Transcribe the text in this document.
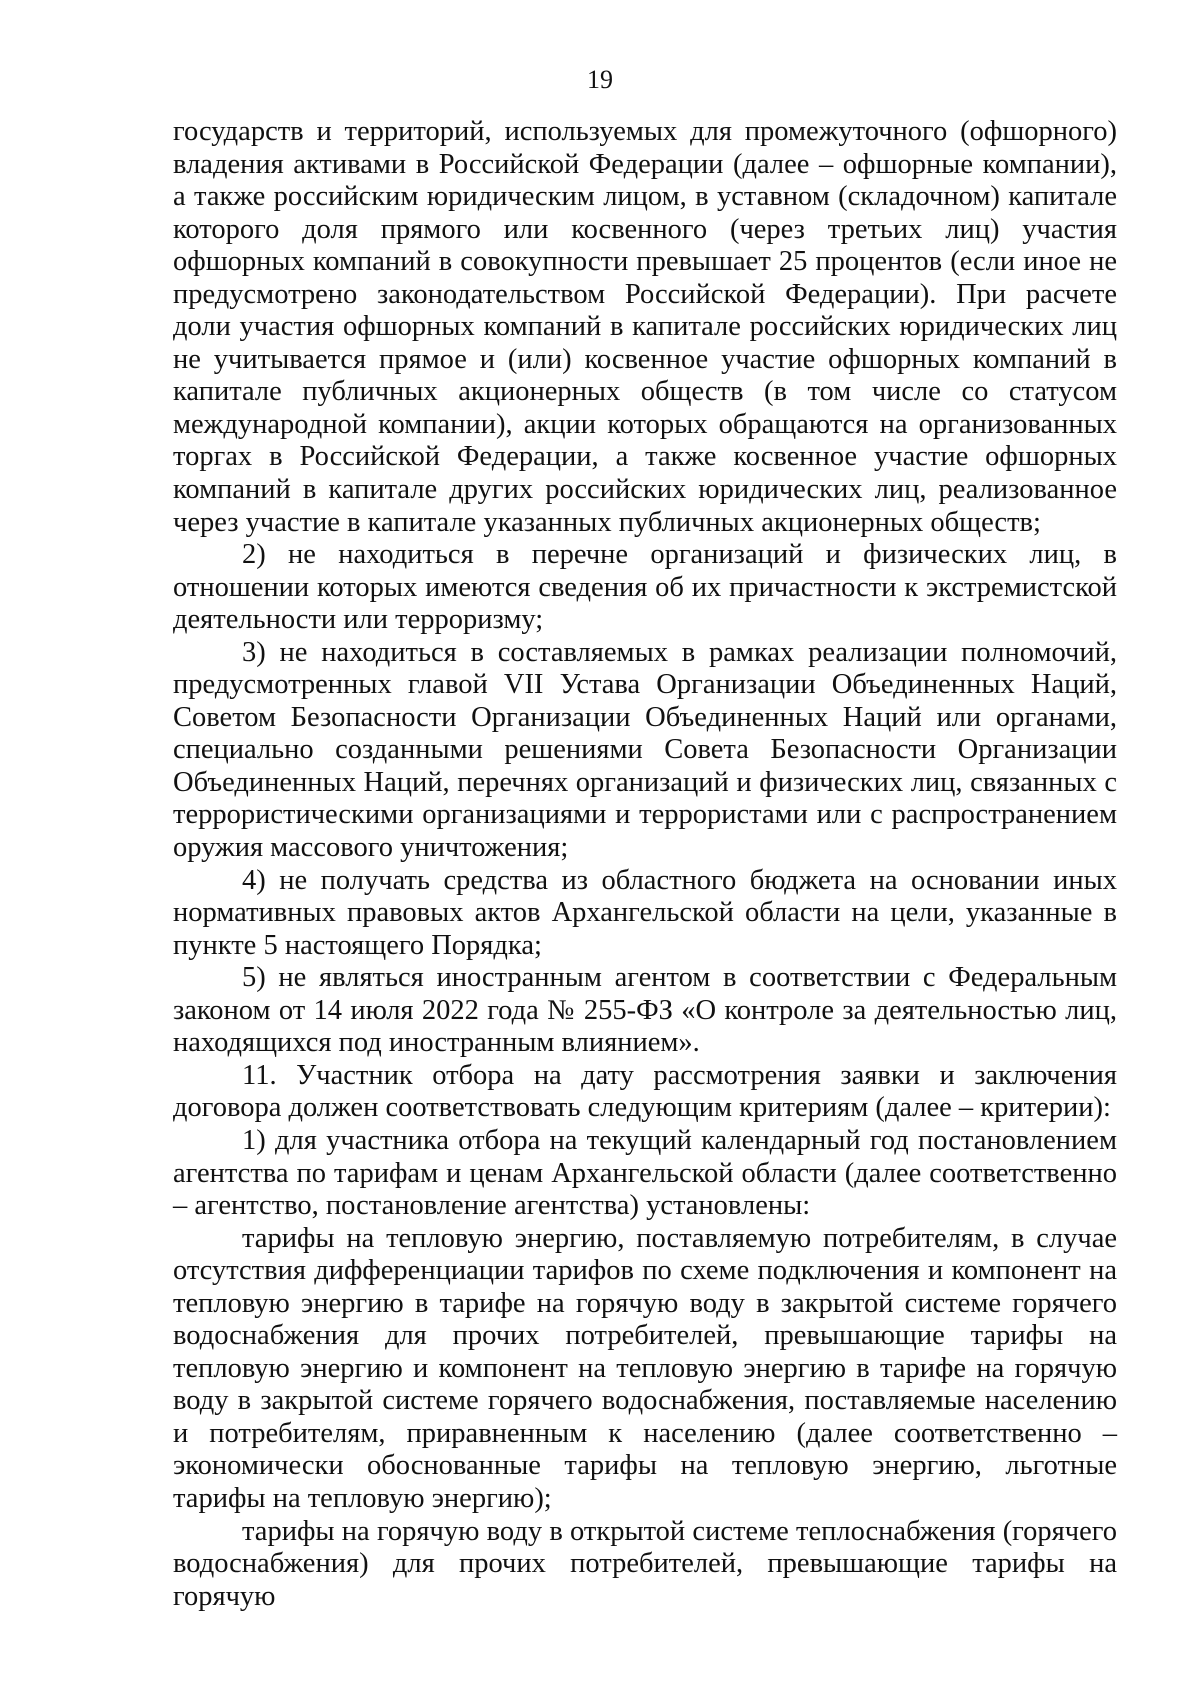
19

государств и территорий, используемых для промежуточного (офшорного) владения активами в Российской Федерации (далее – офшорные компании), а также российским юридическим лицом, в уставном (складочном) капитале которого доля прямого или косвенного (через третьих лиц) участия офшорных компаний в совокупности превышает 25 процентов (если иное не предусмотрено законодательством Российской Федерации). При расчете доли участия офшорных компаний в капитале российских юридических лиц не учитывается прямое и (или) косвенное участие офшорных компаний в капитале публичных акционерных обществ (в том числе со статусом международной компании), акции которых обращаются на организованных торгах в Российской Федерации, а также косвенное участие офшорных компаний в капитале других российских юридических лиц, реализованное через участие в капитале указанных публичных акционерных обществ;

2) не находиться в перечне организаций и физических лиц, в отношении которых имеются сведения об их причастности к экстремистской деятельности или терроризму;

3) не находиться в составляемых в рамках реализации полномочий, предусмотренных главой VII Устава Организации Объединенных Наций, Советом Безопасности Организации Объединенных Наций или органами, специально созданными решениями Совета Безопасности Организации Объединенных Наций, перечнях организаций и физических лиц, связанных с террористическими организациями и террористами или с распространением оружия массового уничтожения;

4) не получать средства из областного бюджета на основании иных нормативных правовых актов Архангельской области на цели, указанные в пункте 5 настоящего Порядка;

5) не являться иностранным агентом в соответствии с Федеральным законом от 14 июля 2022 года № 255-ФЗ «О контроле за деятельностью лиц, находящихся под иностранным влиянием».

11. Участник отбора на дату рассмотрения заявки и заключения договора должен соответствовать следующим критериям (далее – критерии):

1) для участника отбора на текущий календарный год постановлением агентства по тарифам и ценам Архангельской области (далее соответственно – агентство, постановление агентства) установлены:

тарифы на тепловую энергию, поставляемую потребителям, в случае отсутствия дифференциации тарифов по схеме подключения и компонент на тепловую энергию в тарифе на горячую воду в закрытой системе горячего водоснабжения для прочих потребителей, превышающие тарифы на тепловую энергию и компонент на тепловую энергию в тарифе на горячую воду в закрытой системе горячего водоснабжения, поставляемые населению и потребителям, приравненным к населению (далее соответственно – экономически обоснованные тарифы на тепловую энергию, льготные тарифы на тепловую энергию);

тарифы на горячую воду в открытой системе теплоснабжения (горячего водоснабжения) для прочих потребителей, превышающие тарифы на горячую
